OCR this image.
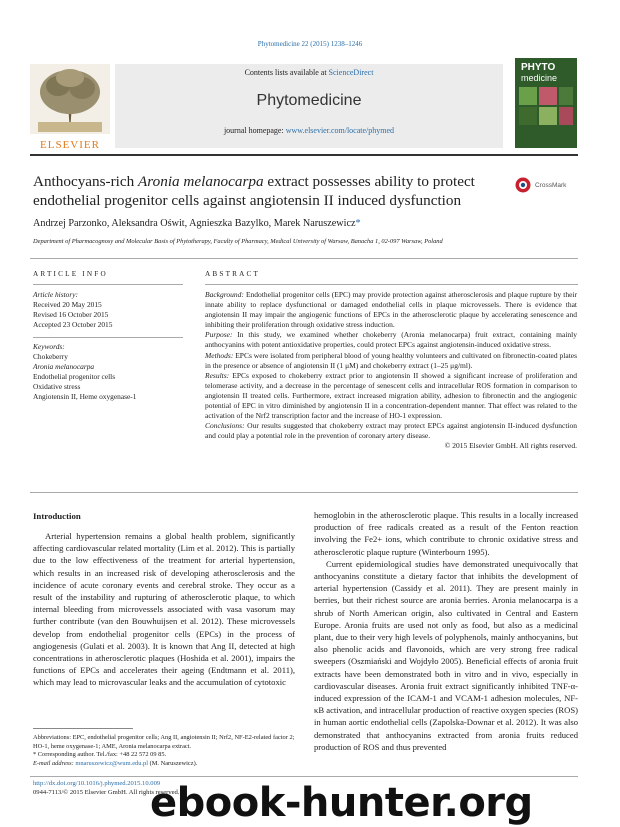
Phytomedicine 22 (2015) 1238–1246
ELSEVIER
Contents lists available at ScienceDirect
Phytomedicine
journal homepage: www.elsevier.com/locate/phymed
PHYTO
medicine
Anthocyans-rich Aronia melanocarpa extract possesses ability to protect endothelial progenitor cells against angiotensin II induced dysfunction
CrossMark
Andrzej Parzonko, Aleksandra Oświt, Agnieszka Bazylko, Marek Naruszewicz*
Department of Pharmacognosy and Molecular Basis of Phytotherapy, Faculty of Pharmacy, Medical University of Warsaw, Banacha 1, 02-097 Warsaw, Poland
ARTICLE INFO
Article history:
Received 20 May 2015
Revised 16 October 2015
Accepted 23 October 2015
Keywords:
Chokeberry
Aronia melanocarpa
Endothelial progenitor cells
Oxidative stress
Angiotensin II, Heme oxygenase-1
ABSTRACT

Background: Endothelial progenitor cells (EPC) may provide protection against atherosclerosis and plaque rupture by their innate ability to replace dysfunctional or damaged endothelial cells in plaque microvessels. There is evidence that angiotensin II may impair the angiogenic functions of EPCs in the atherosclerotic plaque by accelerating senescence and inhibiting their proliferation through oxidative stress induction.

Purpose: In this study, we examined whether chokeberry (Aronia melanocarpa) fruit extract, containing mainly anthocyanins with potent antioxidative properties, could protect EPCs against angiotensin-induced oxidative stress.

Methods: EPCs were isolated from peripheral blood of young healthy volunteers and cultivated on fibronectin-coated plates in the presence or absence of angiotensin II (1 μM) and chokeberry extract (1–25 μg/ml).

Results: EPCs exposed to chokeberry extract prior to angiotensin II showed a significant increase of proliferation and telomerase activity, and a decrease in the percentage of senescent cells and intracellular ROS formation in comparison to angiotensin II treated cells. Furthermore, extract increased migration ability, adhesion to fibronectin and the angiogenic potential of EPC in vitro diminished by angiotensin II in a concentration-dependent manner. That effect was related to the activation of the Nrf2 transcription factor and the increase of HO-1 expression.

Conclusions: Our results suggested that chokeberry extract may protect EPCs against angiotensin II-induced dysfunction and could play a potential role in the prevention of coronary artery disease.

© 2015 Elsevier GmbH. All rights reserved.

Introduction

Arterial hypertension remains a global health problem, significantly affecting cardiovascular related mortality (Lim et al. 2012). This is partially due to the low effectiveness of the treatment for arterial hypertension, which results in an increased risk of developing atherosclerosis and the incidence of acute coronary events and cerebral stroke. They occur as a result of the instability and rupturing of atherosclerotic plaque, to which internal bleeding from microvessels associated with vasa vasorum may further contribute (van den Bouwhuijsen et al. 2012). These microvessels develop from endothelial progenitor cells (EPCs) in the process of angiogenesis (Gulati et al. 2003). It is known that Ang II, detected at high concentrations in atherosclerotic plaques (Hoshida et al. 2001), impairs the functions of EPCs and accelerates their ageing (Endtmann et al. 2011), which may lead to microvascular leaks and the accumulation of cytotoxic

hemoglobin in the atherosclerotic plaque. This results in a locally increased production of free radicals created as a result of the Fenton reaction involving the Fe2+ ions, which contribute to chronic oxidative stress and atherosclerotic plaque rupture (Winterbourn 1995).

Current epidemiological studies have demonstrated unequivocally that anthocyanins constitute a dietary factor that inhibits the development of arterial hypertension (Cassidy et al. 2011). They are present mainly in berries, but their richest source are aronia berries. Aronia melanocarpa is a shrub of North American origin, also cultivated in Central and Eastern Europe. Aronia fruits are used not only as food, but also as a medicinal plant, due to their very high levels of polyphenols, mainly anthocyanins, but also phenolic acids and flavonoids, which are very strong free radical sweepers (Oszmiański and Wojdyło 2005). Beneficial effects of aronia fruit extracts have been demonstrated both in vitro and in vivo, especially in cardiovascular diseases. Aronia fruit extract significantly inhibited TNF-α-induced expression of the ICAM-1 and VCAM-1 adhesion molecules, NF-κB activation, and intracellular production of reactive oxygen species (ROS) in human aortic endothelial cells (Zapolska-Downar et al. 2012). It was also demonstrated that anthocyanins extracted from aronia fruits reduced production of ROS and thus prevented

Abbreviations: EPC, endothelial progenitor cells; Ang II, angiotensin II; Nrf2, NF-E2-related factor 2; HO-1, heme oxygenase-1; AME, Aronia melanocarpa extract.
* Corresponding author. Tel./fax: +48 22 572 09 85.
E-mail address: mnaruszewicz@wum.edu.pl (M. Naruszewicz).
http://dx.doi.org/10.1016/j.phymed.2015.10.009
0944-7113/© 2015 Elsevier GmbH. All rights reserved.
ebook-hunter.org
